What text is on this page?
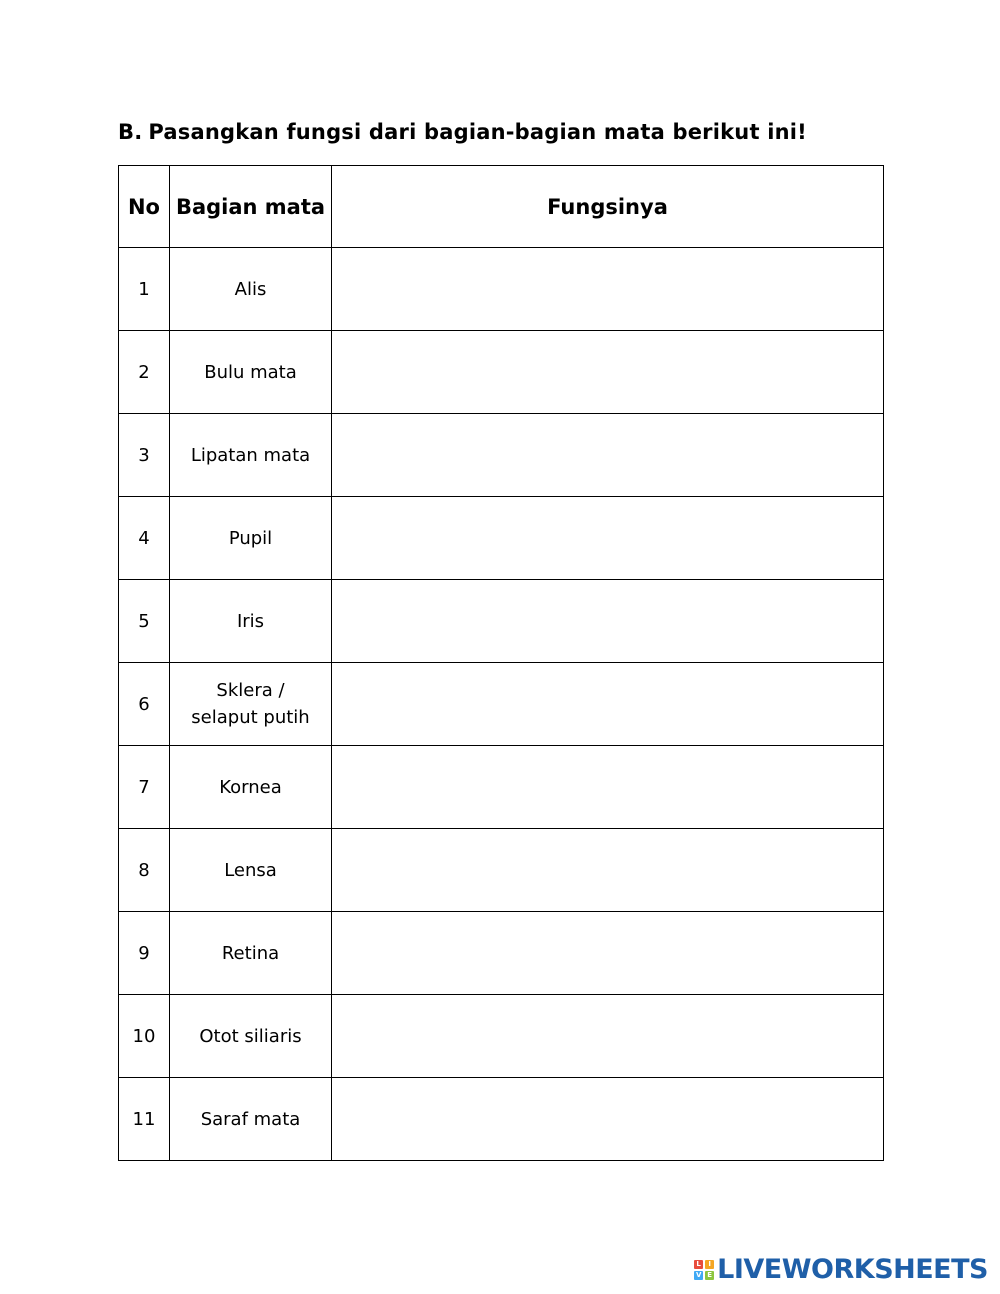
B. Pasangkan fungsi dari bagian-bagian mata berikut ini!
No	Bagian mata	Fungsinya
1	Alis	

2	Bulu mata	

3	Lipatan mata	

4	Pupil	

5	Iris	

6	Sklera /
selaput putih

7	Kornea	

8	Lensa	

9	Retina	

10	Otot siliaris	

11	Saraf mata	
L	I
V E LIVEWORKSHEETS
